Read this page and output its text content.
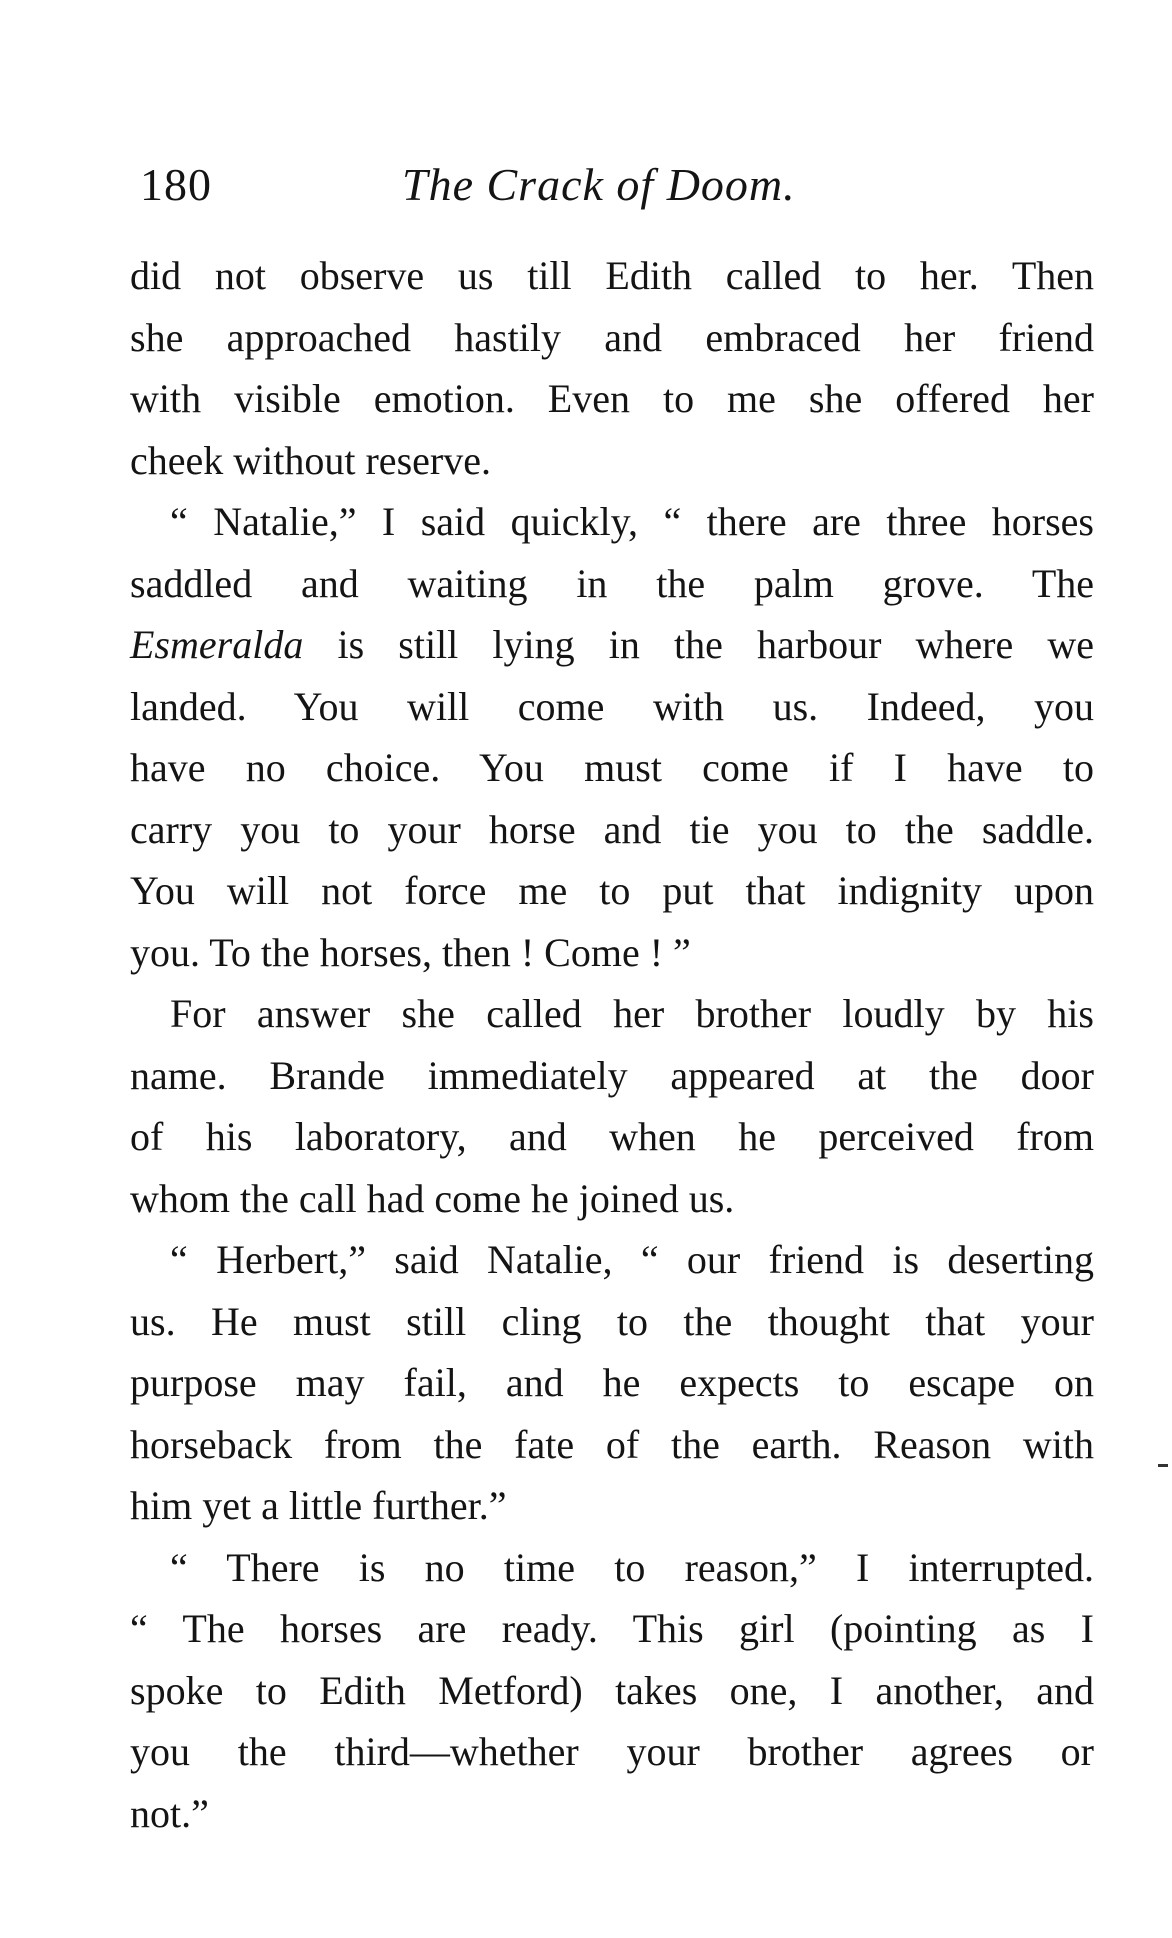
180	The Crack of Doom.
did not observe us till Edith called to her. Then
she approached hastily and embraced her friend
with visible emotion. Even to me she offered her
cheek without reserve.
“ Natalie,” I said quickly, “ there are three horses
saddled and waiting in the palm grove. The
Esmeralda is still lying in the harbour where we
landed. You will come with us. Indeed, you
have no choice. You must come if I have to
carry you to your horse and tie you to the saddle.
You will not force me to put that indignity upon
you. To the horses, then ! Come ! ”
For answer she called her brother loudly by his
name. Brande immediately appeared at the door
of his laboratory, and when he perceived from
whom the call had come he joined us.
“ Herbert,” said Natalie, “ our friend is deserting
us. He must still cling to the thought that your
purpose may fail, and he expects to escape on
horseback from the fate of the earth. Reason with
him yet a little further.”
“ There is no time to reason,” I interrupted.
“ The horses are ready. This girl (pointing as I
spoke to Edith Metford) takes one, I another, and
you the third—whether your brother agrees or
not.”
